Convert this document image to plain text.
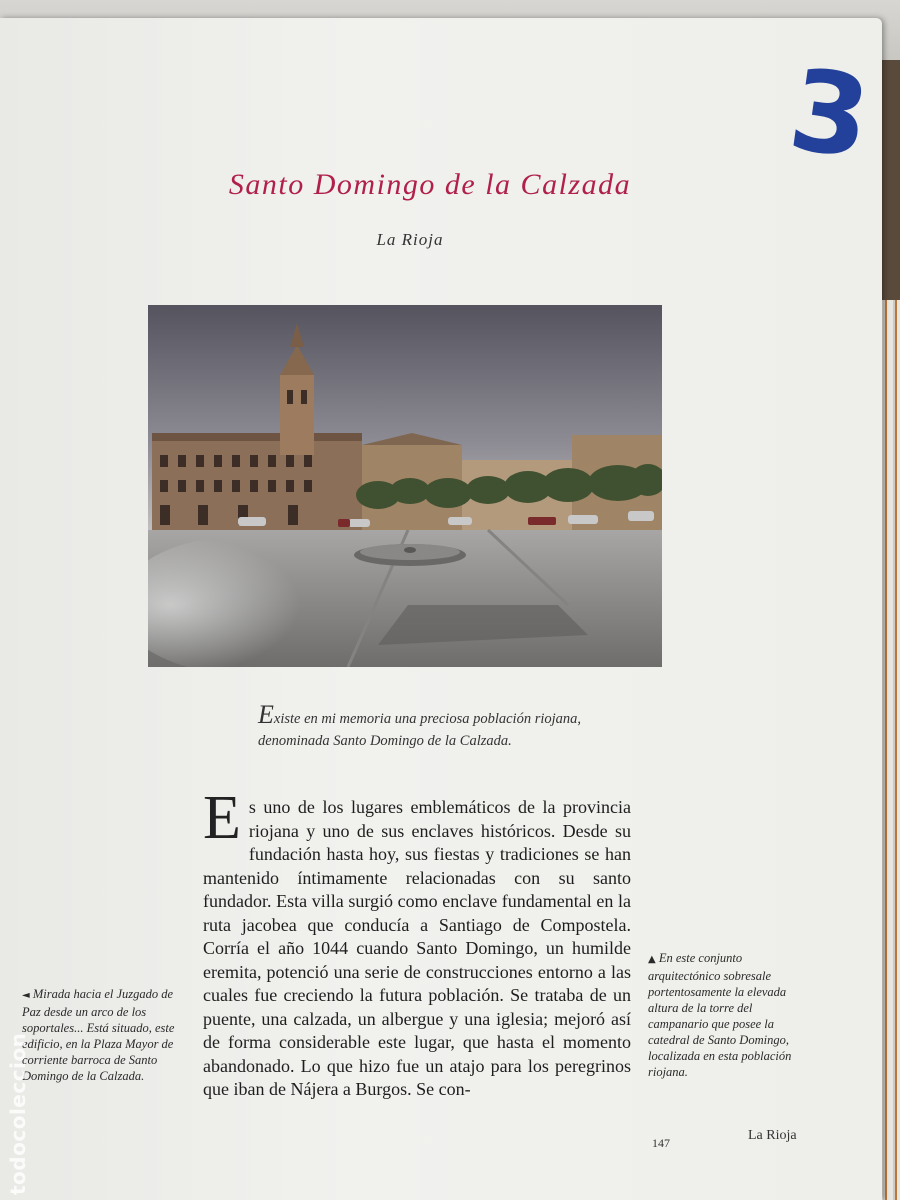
3
Santo Domingo de la Calzada
La Rioja
Existe en mi memoria una preciosa población riojana,
denominada Santo Domingo de la Calzada.
Es uno de los lugares emblemáticos de la provincia riojana y uno de sus enclaves históricos. Desde su fundación hasta hoy, sus fiestas y tradiciones se han mantenido íntimamente relacionadas con su santo fundador. Esta villa surgió como enclave fundamental en la ruta jacobea que conducía a Santiago de Compostela. Corría el año 1044 cuando Santo Domingo, un humilde eremita, potenció una serie de construcciones entorno a las cuales fue creciendo la futura población. Se trataba de un puente, una calzada, un albergue y una iglesia; mejoró así de forma considerable este lugar, que hasta el momento abandonado. Lo que hizo fue un atajo para los peregrinos que iban de Nájera a Burgos. Se con-
◄ Mirada hacia el Juzgado de Paz desde un arco de los soportales... Está situado, este edificio, en la Plaza Mayor de corriente barroca de Santo Domingo de la Calzada.
▲ En este conjunto arquitectónico sobresale portentosamente la elevada altura de la torre del campanario que posee la catedral de Santo Domingo, localizada en esta población riojana.
147	La Rioja
todocoleccion
